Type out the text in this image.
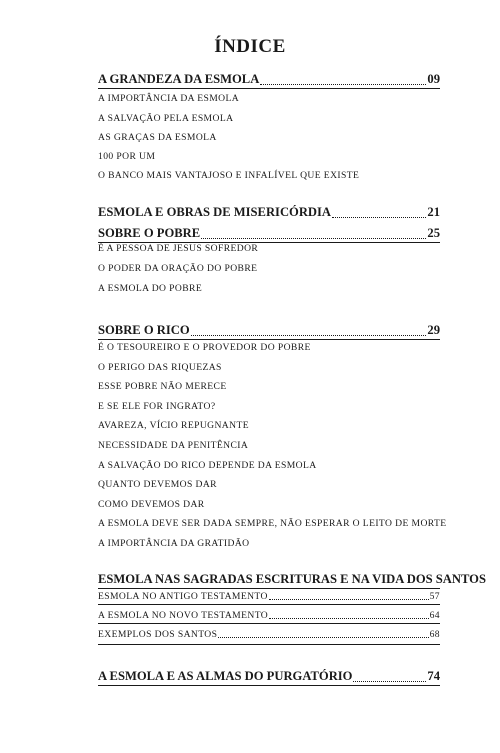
ÍNDICE
A GRANDEZA DA ESMOLA	09
A IMPORTÂNCIA DA ESMOLA
A SALVAÇÃO PELA ESMOLA
AS GRAÇAS DA ESMOLA
100 POR UM
O BANCO MAIS VANTAJOSO E INFALÍVEL QUE EXISTE
ESMOLA E OBRAS DE MISERICÓRDIA	21
SOBRE O POBRE	25
É A PESSOA DE JESUS SOFREDOR
O PODER DA ORAÇÃO DO POBRE
A ESMOLA DO POBRE
SOBRE O RICO	29
É O TESOUREIRO E O PROVEDOR DO POBRE
O PERIGO DAS RIQUEZAS
ESSE POBRE NÃO MERECE
E SE ELE FOR INGRATO?
AVAREZA, VÍCIO REPUGNANTE
NECESSIDADE DA PENITÊNCIA
A SALVAÇÃO DO RICO DEPENDE DA ESMOLA
QUANTO DEVEMOS DAR
COMO DEVEMOS DAR
A ESMOLA DEVE SER DADA SEMPRE, NÃO ESPERAR O LEITO DE MORTE
A IMPORTÂNCIA DA GRATIDÃO
ESMOLA NAS SAGRADAS ESCRITURAS E NA VIDA DOS SANTOS
ESMOLA NO ANTIGO TESTAMENTO	57
A ESMOLA NO NOVO TESTAMENTO	64
EXEMPLOS DOS SANTOS	68
A ESMOLA E AS ALMAS DO PURGATÓRIO	74
